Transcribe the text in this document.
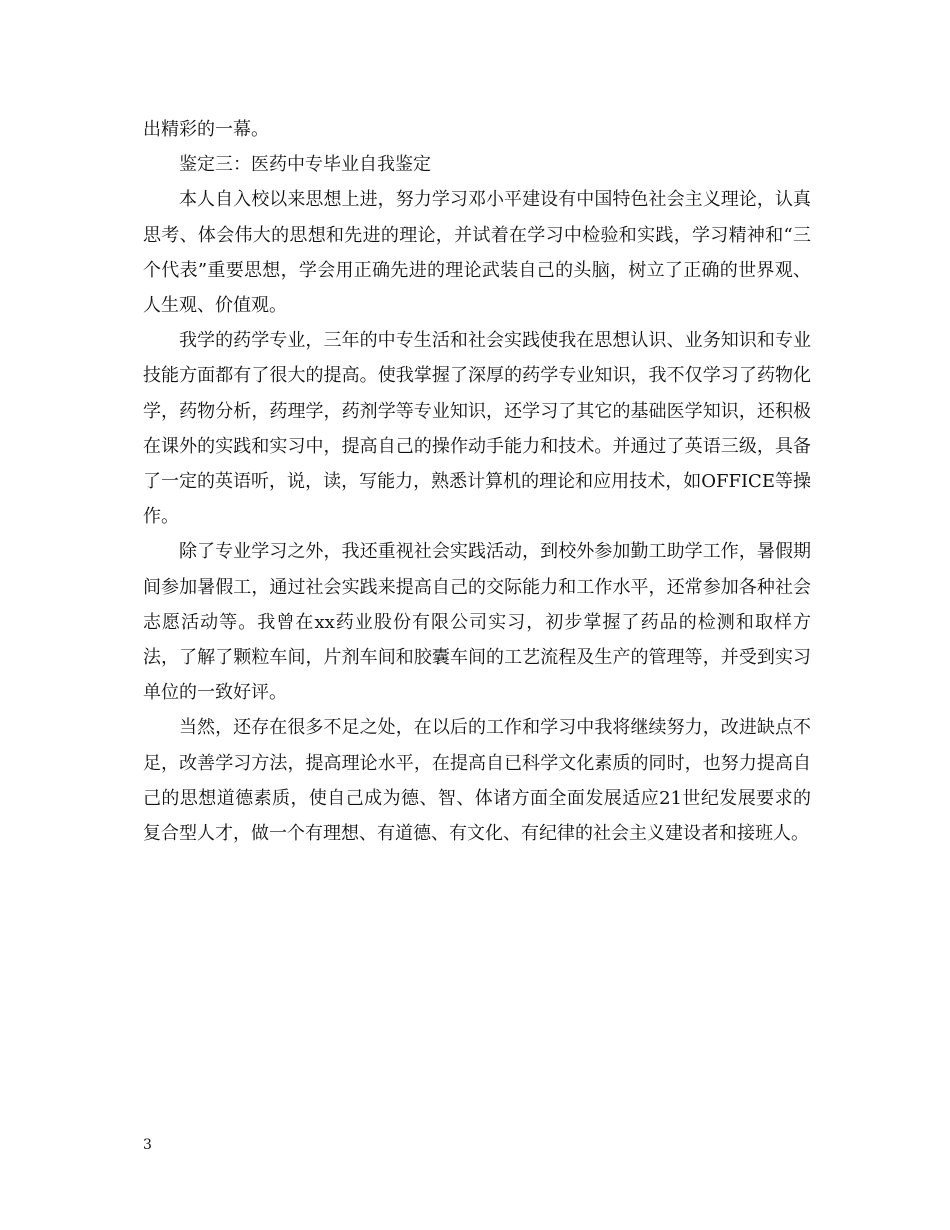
出精彩的一幕。

鉴定三：医药中专毕业自我鉴定

本人自入校以来思想上进，努力学习邓小平建设有中国特色社会主义理论，认真思考、体会伟大的思想和先进的理论，并试着在学习中检验和实践，学习精神和“三个代表”重要思想，学会用正确先进的理论武装自己的头脑，树立了正确的世界观、人生观、价值观。

我学的药学专业，三年的中专生活和社会实践使我在思想认识、业务知识和专业技能方面都有了很大的提高。使我掌握了深厚的药学专业知识，我不仅学习了药物化学，药物分析，药理学，药剂学等专业知识，还学习了其它的基础医学知识，还积极在课外的实践和实习中，提高自己的操作动手能力和技术。并通过了英语三级，具备了一定的英语听，说，读，写能力，熟悉计算机的理论和应用技术，如OFFICE等操作。

除了专业学习之外，我还重视社会实践活动，到校外参加勤工助学工作，暑假期间参加暑假工，通过社会实践来提高自己的交际能力和工作水平，还常参加各种社会志愿活动等。我曾在xx药业股份有限公司实习，初步掌握了药品的检测和取样方法，了解了颗粒车间，片剂车间和胶囊车间的工艺流程及生产的管理等，并受到实习单位的一致好评。

当然，还存在很多不足之处，在以后的工作和学习中我将继续努力，改进缺点不足，改善学习方法，提高理论水平，在提高自已科学文化素质的同时，也努力提高自己的思想道德素质，使自己成为德、智、体诸方面全面发展适应21世纪发展要求的复合型人才，做一个有理想、有道德、有文化、有纪律的社会主义建设者和接班人。

3
